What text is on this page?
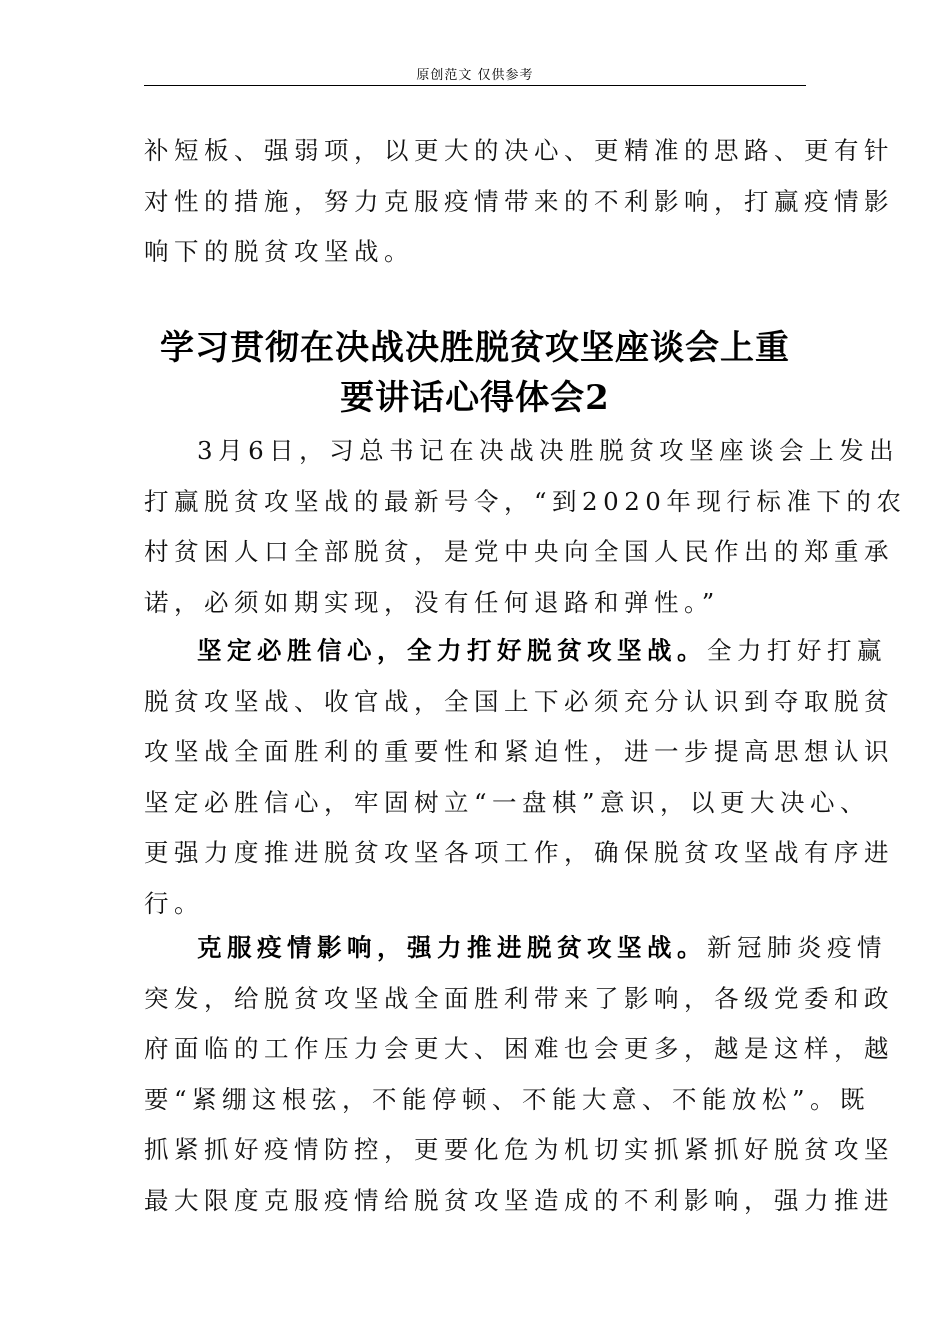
原创范文 仅供参考
补短板、强弱项，以更大的决心、更精准的思路、更有针
对性的措施，努力克服疫情带来的不利影响，打赢疫情影
响下的脱贫攻坚战。
学习贯彻在决战决胜脱贫攻坚座谈会上重
要讲话心得体会2
3月6日，习总书记在决战决胜脱贫攻坚座谈会上发出
打赢脱贫攻坚战的最新号令，“到2020年现行标准下的农
村贫困人口全部脱贫，是党中央向全国人民作出的郑重承
诺，必须如期实现，没有任何退路和弹性。”
坚定必胜信心，全力打好脱贫攻坚战。全力打好打赢
脱贫攻坚战、收官战，全国上下必须充分认识到夺取脱贫
攻坚战全面胜利的重要性和紧迫性，进一步提高思想认识
坚定必胜信心，牢固树立“一盘棋”意识，以更大决心、
更强力度推进脱贫攻坚各项工作，确保脱贫攻坚战有序进
行。
克服疫情影响，强力推进脱贫攻坚战。新冠肺炎疫情
突发，给脱贫攻坚战全面胜利带来了影响，各级党委和政
府面临的工作压力会更大、困难也会更多，越是这样，越
要“紧绷这根弦，不能停顿、不能大意、不能放松”。既
抓紧抓好疫情防控，更要化危为机切实抓紧抓好脱贫攻坚
最大限度克服疫情给脱贫攻坚造成的不利影响，强力推进
